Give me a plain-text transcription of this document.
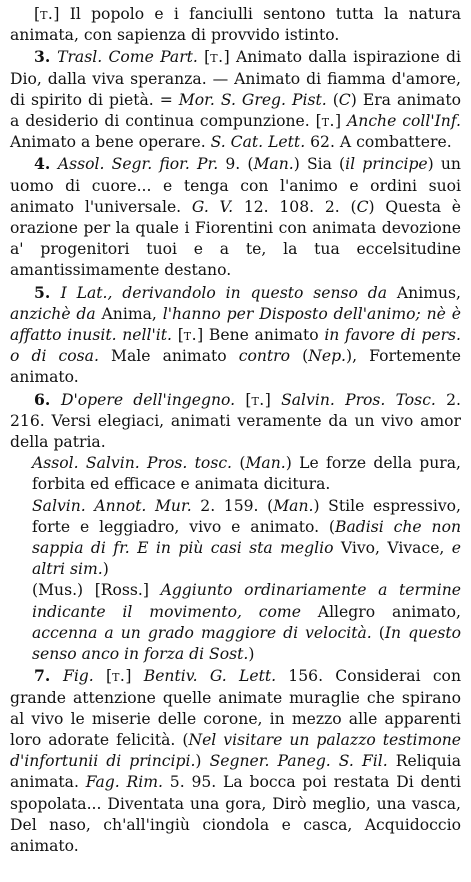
[t.] Il popolo e i fanciulli sentono tutta la natura animata, con sapienza di provvido istinto.

3. Trasl. Come Part. [t.] Animato dalla ispirazione di Dio, dalla viva speranza. — Animato di fiamma d'amore, di spirito di pietà. = Mor. S. Greg. Pist. (C) Era animato a desiderio di continua compunzione. [t.] Anche coll'Inf. Animato a bene operare. S. Cat. Lett. 62. A combattere.

4. Assol. Segr. fior. Pr. 9. (Man.) Sia (il principe) un uomo di cuore... e tenga con l'animo e ordini suoi animato l'universale. G. V. 12. 108. 2. (C) Questa è orazione per la quale i Fiorentini con animata devozione a' progenitori tuoi e a te, la tua eccelsitudine amantissimamente destano.

5. I Lat., derivandolo in questo senso da Animus, anzichè da Anima, l'hanno per Disposto dell'animo; nè è affatto inusit. nell'it. [t.] Bene animato in favore di pers. o di cosa. Male animato contro (Nep.), Fortemente animato.

6. D'opere dell'ingegno. [t.] Salvin. Pros. Tosc. 2. 216. Versi elegiaci, animati veramente da un vivo amor della patria.

Assol. Salvin. Pros. tosc. (Man.) Le forze della pura, forbita ed efficace e animata dicitura.

Salvin. Annot. Mur. 2. 159. (Man.) Stile espressivo, forte e leggiadro, vivo e animato. (Badisi che non sappia di fr. E in più casi sta meglio Vivo, Vivace, e altri sim.)

(Mus.) [Ross.] Aggiunto ordinariamente a termine indicante il movimento, come Allegro animato, accenna a un grado maggiore di velocità. (In questo senso anco in forza di Sost.)

7. Fig. [t.] Bentiv. G. Lett. 156. Considerai con grande attenzione quelle animate muraglie che spirano al vivo le miserie delle corone, in mezzo alle apparenti loro adorate felicità. (Nel visitare un palazzo testimone d'infortunii di principi.) Segner. Paneg. S. Fil. Reliquia animata. Fag. Rim. 5. 95. La bocca poi restata Di denti spopolata... Diventata una gora, Dirò meglio, una vasca, Del naso, ch'all'ingiù ciondola e casca, Acquidoccio animato.
